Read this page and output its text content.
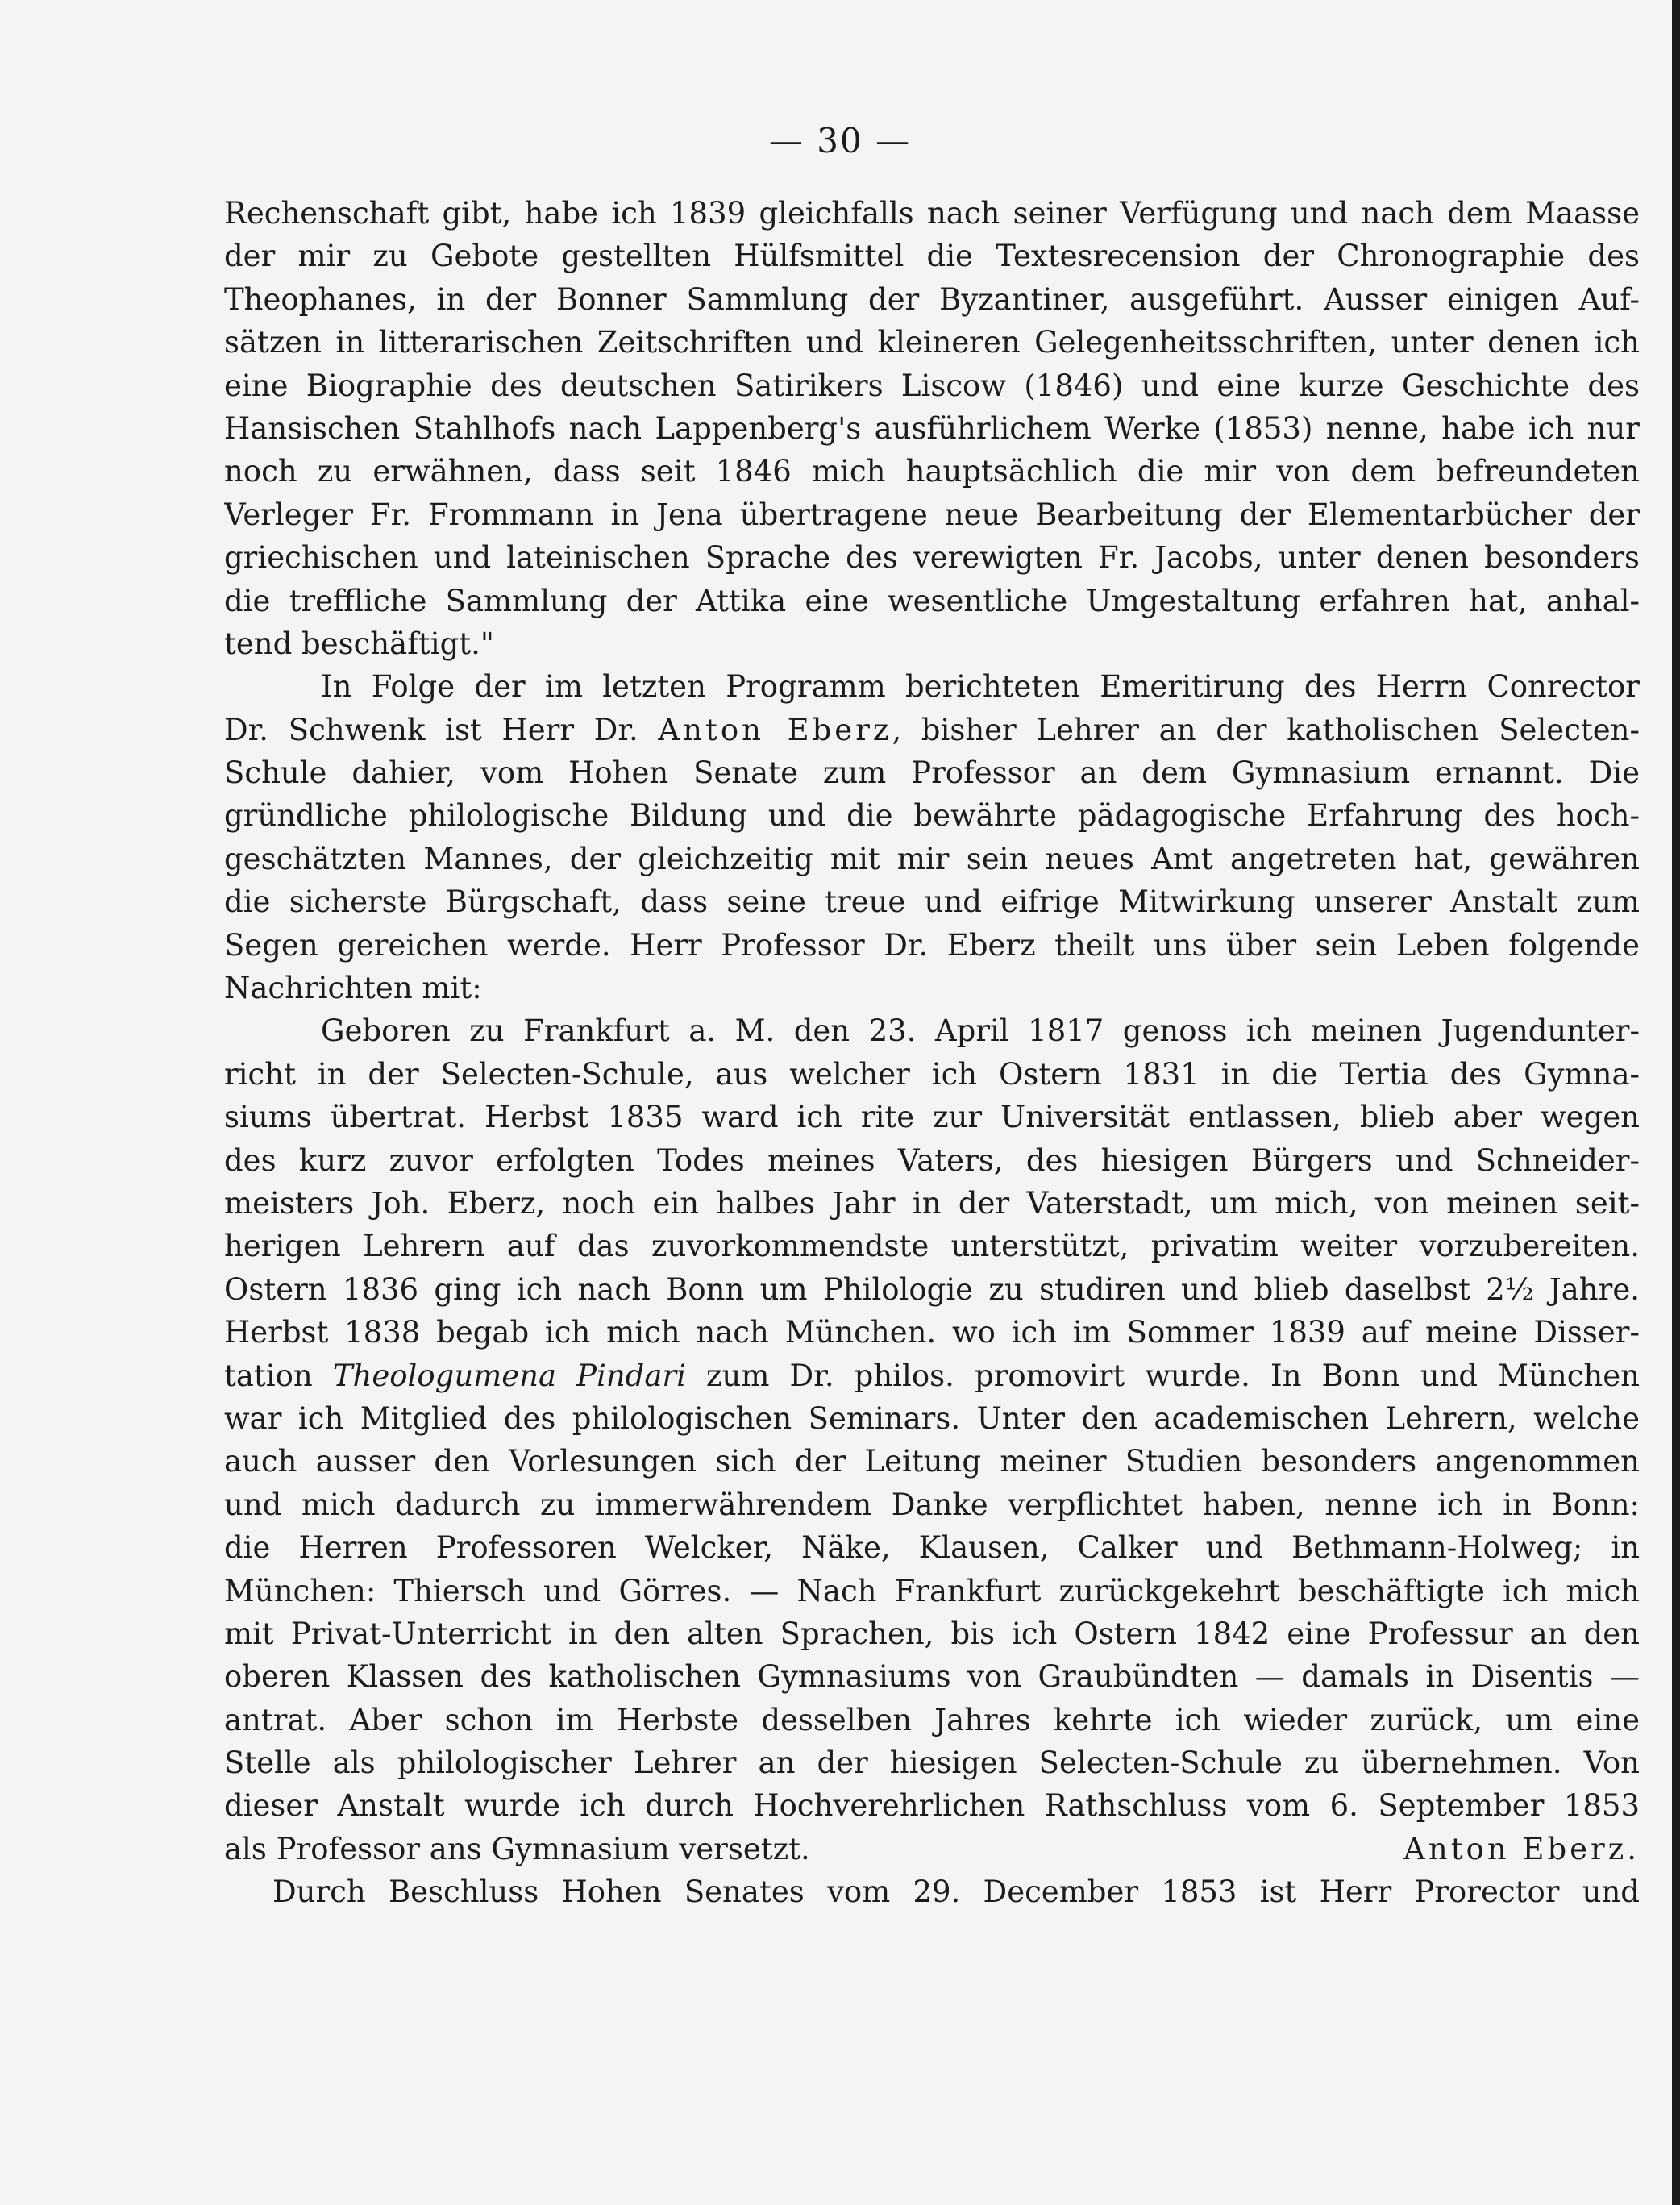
— 30 —
Rechenschaft gibt, habe ich 1839 gleichfalls nach seiner Verfügung und nach dem Maasse
der mir zu Gebote gestellten Hülfsmittel die Textesrecension der Chronographie des
Theophanes, in der Bonner Sammlung der Byzantiner, ausgeführt. Ausser einigen Auf-
sätzen in litterarischen Zeitschriften und kleineren Gelegenheitsschriften, unter denen ich
eine Biographie des deutschen Satirikers Liscow (1846) und eine kurze Geschichte des
Hansischen Stahlhofs nach Lappenberg's ausführlichem Werke (1853) nenne, habe ich nur
noch zu erwähnen, dass seit 1846 mich hauptsächlich die mir von dem befreundeten
Verleger Fr. Frommann in Jena übertragene neue Bearbeitung der Elementarbücher der
griechischen und lateinischen Sprache des verewigten Fr. Jacobs, unter denen besonders
die treffliche Sammlung der Attika eine wesentliche Umgestaltung erfahren hat, anhal-
tend beschäftigt."
In Folge der im letzten Programm berichteten Emeritirung des Herrn Conrector
Dr. Schwenk ist Herr Dr. Anton Eberz, bisher Lehrer an der katholischen Selecten-
Schule dahier, vom Hohen Senate zum Professor an dem Gymnasium ernannt. Die
gründliche philologische Bildung und die bewährte pädagogische Erfahrung des hoch-
geschätzten Mannes, der gleichzeitig mit mir sein neues Amt angetreten hat, gewähren
die sicherste Bürgschaft, dass seine treue und eifrige Mitwirkung unserer Anstalt zum
Segen gereichen werde. Herr Professor Dr. Eberz theilt uns über sein Leben folgende
Nachrichten mit:
Geboren zu Frankfurt a. M. den 23. April 1817 genoss ich meinen Jugendunter-
richt in der Selecten-Schule, aus welcher ich Ostern 1831 in die Tertia des Gymna-
siums übertrat. Herbst 1835 ward ich rite zur Universität entlassen, blieb aber wegen
des kurz zuvor erfolgten Todes meines Vaters, des hiesigen Bürgers und Schneider-
meisters Joh. Eberz, noch ein halbes Jahr in der Vaterstadt, um mich, von meinen seit-
herigen Lehrern auf das zuvorkommendste unterstützt, privatim weiter vorzubereiten.
Ostern 1836 ging ich nach Bonn um Philologie zu studiren und blieb daselbst 2½ Jahre.
Herbst 1838 begab ich mich nach München. wo ich im Sommer 1839 auf meine Disser-
tation Theologumena Pindari zum Dr. philos. promovirt wurde. In Bonn und München
war ich Mitglied des philologischen Seminars. Unter den academischen Lehrern, welche
auch ausser den Vorlesungen sich der Leitung meiner Studien besonders angenommen
und mich dadurch zu immerwährendem Danke verpflichtet haben, nenne ich in Bonn:
die Herren Professoren Welcker, Näke, Klausen, Calker und Bethmann-Holweg; in
München: Thiersch und Görres. — Nach Frankfurt zurückgekehrt beschäftigte ich mich
mit Privat-Unterricht in den alten Sprachen, bis ich Ostern 1842 eine Professur an den
oberen Klassen des katholischen Gymnasiums von Graubündten — damals in Disentis —
antrat. Aber schon im Herbste desselben Jahres kehrte ich wieder zurück, um eine
Stelle als philologischer Lehrer an der hiesigen Selecten-Schule zu übernehmen. Von
dieser Anstalt wurde ich durch Hochverehrlichen Rathschluss vom 6. September 1853
als Professor ans Gymnasium versetzt.	Anton Eberz.
Durch Beschluss Hohen Senates vom 29. December 1853 ist Herr Prorector und
